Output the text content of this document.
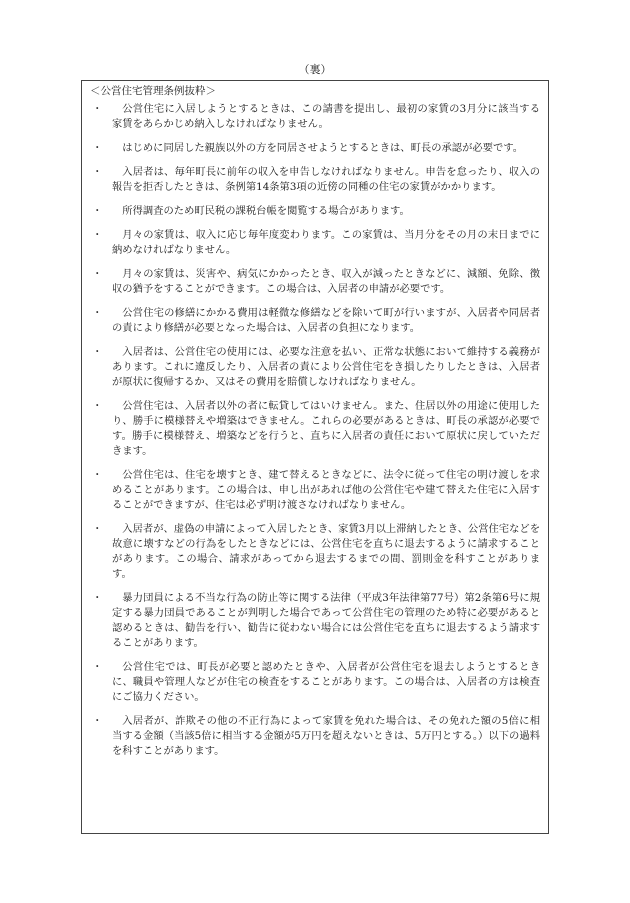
（裏）
＜公営住宅管理条例抜粋＞
・	公営住宅に入居しようとするときは、この請書を提出し、最初の家賃の3月分に該当する家賃をあらかじめ納入しなければなりません。
・	はじめに同居した親族以外の方を同居させようとするときは、町長の承認が必要です。
・	入居者は、毎年町長に前年の収入を申告しなければなりません。申告を怠ったり、収入の報告を拒否したときは、条例第14条第3項の近傍の同種の住宅の家賃がかかります。
・	所得調査のため町民税の課税台帳を閲覧する場合があります。
・	月々の家賃は、収入に応じ毎年度変わります。この家賃は、当月分をその月の末日までに納めなければなりません。
・	月々の家賃は、災害や、病気にかかったとき、収入が減ったときなどに、減額、免除、徴収の猶予をすることができます。この場合は、入居者の申請が必要です。
・	公営住宅の修繕にかかる費用は軽微な修繕などを除いて町が行いますが、入居者や同居者の責により修繕が必要となった場合は、入居者の負担になります。
・	入居者は、公営住宅の使用には、必要な注意を払い、正常な状態において維持する義務があります。これに違反したり、入居者の責により公営住宅をき損したりしたときは、入居者が原状に復帰するか、又はその費用を賠償しなければなりません。
・	公営住宅は、入居者以外の者に転貸してはいけません。また、住居以外の用途に使用したり、勝手に模様替えや増築はできません。これらの必要があるときは、町長の承認が必要です。勝手に模様替え、増築などを行うと、直ちに入居者の責任において原状に戻していただきます。
・	公営住宅は、住宅を壊すとき、建て替えるときなどに、法令に従って住宅の明け渡しを求めることがあります。この場合は、申し出があれば他の公営住宅や建て替えた住宅に入居することができますが、住宅は必ず明け渡さなければなりません。
・	入居者が、虚偽の申請によって入居したとき、家賃3月以上滞納したとき、公営住宅などを故意に壊すなどの行為をしたときなどには、公営住宅を直ちに退去するように請求することがあります。この場合、請求があってから退去するまでの間、罰則金を科すことがあります。
・	暴力団員による不当な行為の防止等に関する法律（平成3年法律第77号）第2条第6号に規定する暴力団員であることが判明した場合であって公営住宅の管理のため特に必要があると認めるときは、勧告を行い、勧告に従わない場合には公営住宅を直ちに退去するよう請求することがあります。
・	公営住宅では、町長が必要と認めたときや、入居者が公営住宅を退去しようとするときに、職員や管理人などが住宅の検査をすることがあります。この場合は、入居者の方は検査にご協力ください。
・	入居者が、詐欺その他の不正行為によって家賃を免れた場合は、その免れた額の5倍に相当する金額（当該5倍に相当する金額が5万円を超えないときは、5万円とする。）以下の過料を科すことがあります。
